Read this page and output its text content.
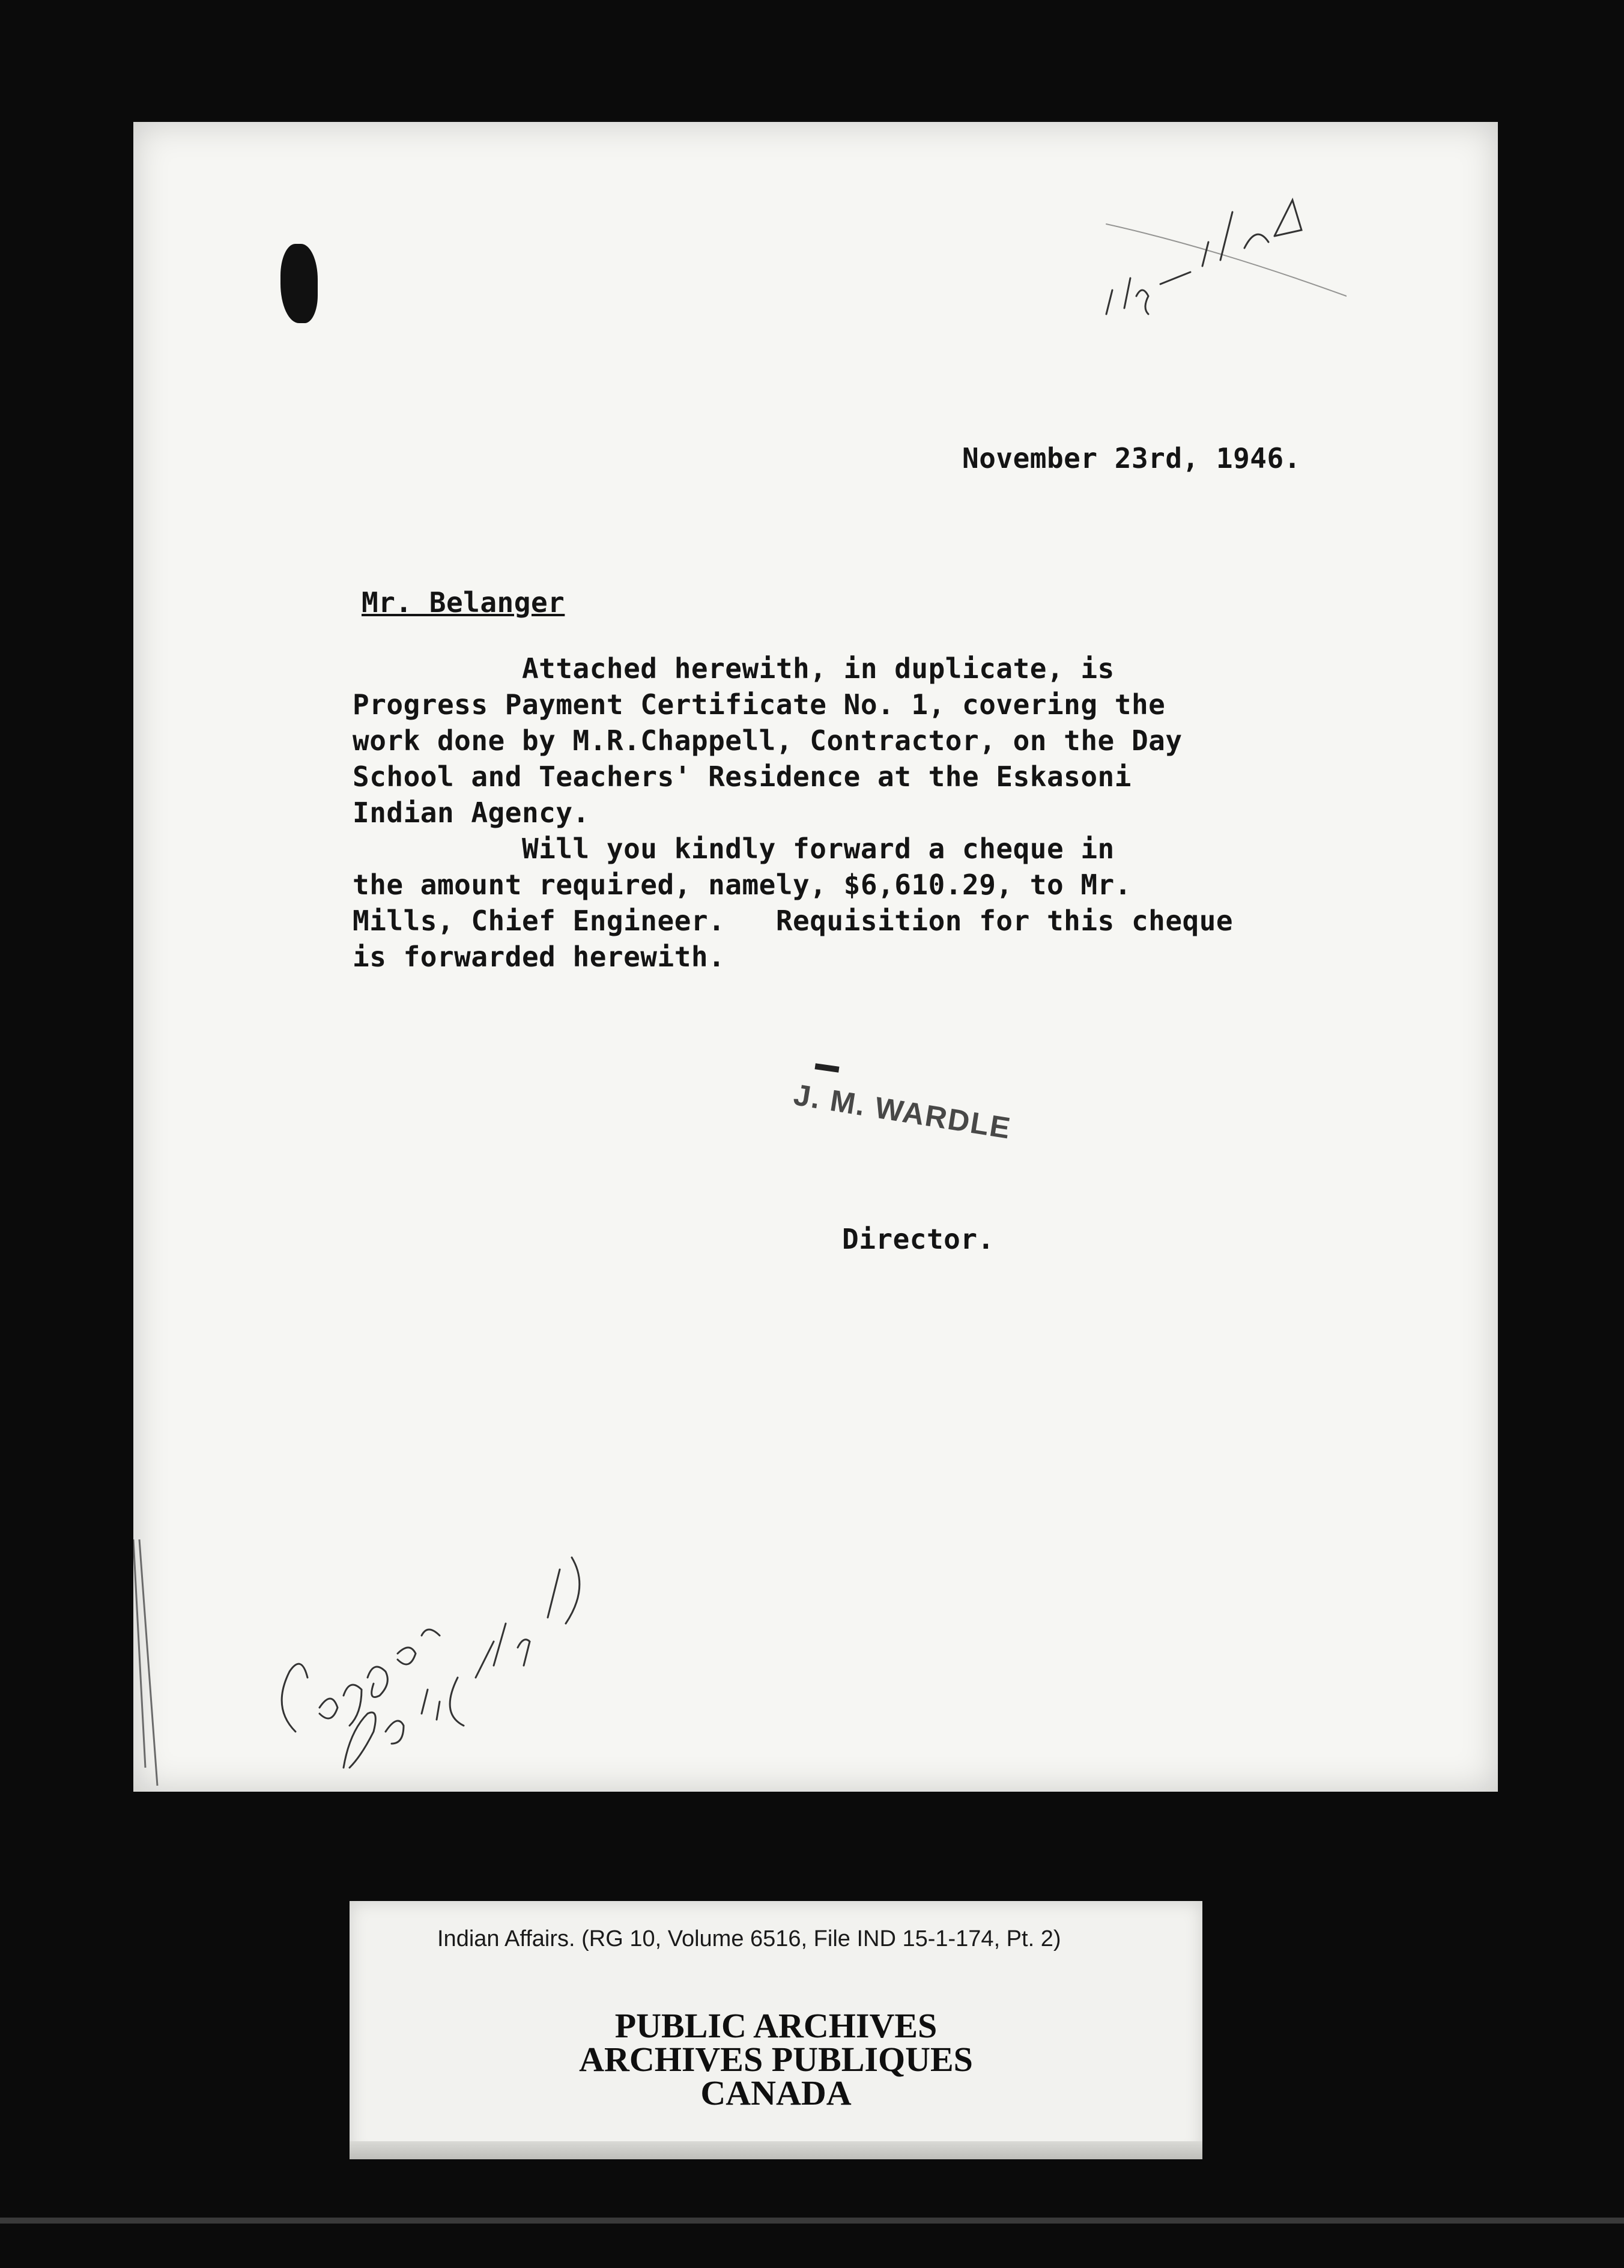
November 23rd, 1946.
Mr. Belanger
Attached herewith, in duplicate, is
Progress Payment Certificate No. 1, covering the
work done by M.R.Chappell, Contractor, on the Day
School and Teachers' Residence at the Eskasoni
Indian Agency.
Will you kindly forward a cheque in
the amount required, namely, $6,610.29, to Mr.
Mills, Chief Engineer.   Requisition for this cheque
is forwarded herewith.
J. M. WARDLE
Director.
Indian Affairs. (RG 10, Volume 6516, File IND 15-1-174, Pt. 2)
PUBLIC ARCHIVES
ARCHIVES PUBLIQUES
CANADA
